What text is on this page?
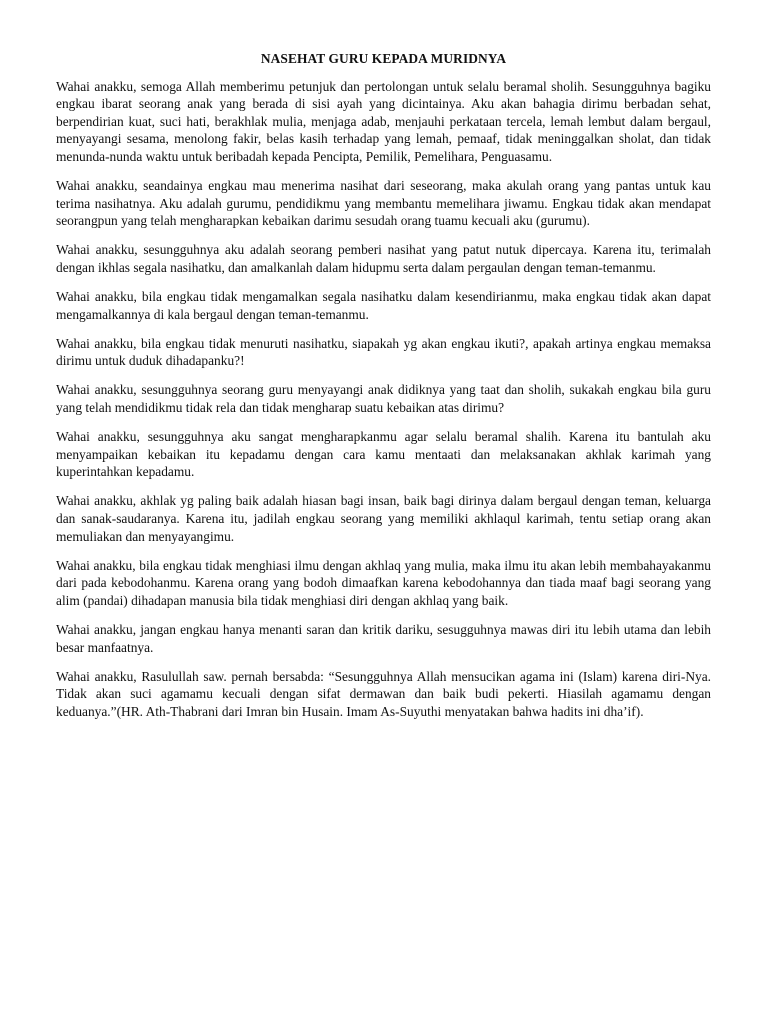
NASEHAT GURU KEPADA MURIDNYA

Wahai anakku, semoga Allah memberimu petunjuk dan pertolongan untuk selalu beramal sholih. Sesungguhnya bagiku engkau ibarat seorang anak yang berada di sisi ayah yang dicintainya. Aku akan bahagia dirimu berbadan sehat, berpendirian kuat, suci hati, berakhlak mulia, menjaga adab, menjauhi perkataan tercela, lemah lembut dalam bergaul, menyayangi sesama, menolong fakir, belas kasih terhadap yang lemah, pemaaf, tidak meninggalkan sholat, dan tidak menunda-nunda waktu untuk beribadah kepada Pencipta, Pemilik, Pemelihara, Penguasamu.

Wahai anakku, seandainya engkau mau menerima nasihat dari seseorang, maka akulah orang yang pantas untuk kau terima nasihatnya. Aku adalah gurumu, pendidikmu yang membantu memelihara jiwamu. Engkau tidak akan mendapat seorangpun yang telah mengharapkan kebaikan darimu sesudah orang tuamu kecuali aku (gurumu).

Wahai anakku, sesungguhnya aku adalah seorang pemberi nasihat yang patut nutuk dipercaya. Karena itu, terimalah dengan ikhlas segala nasihatku, dan amalkanlah dalam hidupmu serta dalam pergaulan dengan teman-temanmu.

Wahai anakku, bila engkau tidak mengamalkan segala nasihatku dalam kesendirianmu, maka engkau tidak akan dapat mengamalkannya di kala bergaul dengan teman-temanmu.

Wahai anakku, bila engkau tidak menuruti nasihatku, siapakah yg akan engkau ikuti?, apakah artinya engkau memaksa dirimu untuk duduk dihadapanku?!

Wahai anakku, sesungguhnya seorang guru menyayangi anak didiknya yang taat dan sholih, sukakah engkau bila guru yang telah mendidikmu tidak rela dan tidak mengharap suatu kebaikan atas dirimu?

Wahai anakku, sesungguhnya aku sangat mengharapkanmu agar selalu beramal shalih. Karena itu bantulah aku menyampaikan kebaikan itu kepadamu dengan cara kamu mentaati dan melaksanakan akhlak karimah yang kuperintahkan kepadamu.

Wahai anakku, akhlak yg paling baik adalah hiasan bagi insan, baik bagi dirinya dalam bergaul dengan teman, keluarga dan sanak-saudaranya. Karena itu, jadilah engkau seorang yang memiliki akhlaqul karimah, tentu setiap orang akan memuliakan dan menyayangimu.

Wahai anakku, bila engkau tidak menghiasi ilmu dengan akhlaq yang mulia, maka ilmu itu akan lebih membahayakanmu dari pada kebodohanmu. Karena orang yang bodoh dimaafkan karena kebodohannya dan tiada maaf bagi seorang yang alim (pandai) dihadapan manusia bila tidak menghiasi diri dengan akhlaq yang baik.

Wahai anakku, jangan engkau hanya menanti saran dan kritik dariku, sesugguhnya mawas diri itu lebih utama dan lebih besar manfaatnya.

Wahai anakku, Rasulullah saw. pernah bersabda: “Sesungguhnya Allah mensucikan agama ini (Islam) karena diri-Nya. Tidak akan suci agamamu kecuali dengan sifat dermawan dan baik budi pekerti. Hiasilah agamamu dengan keduanya.”(HR. Ath-Thabrani dari Imran bin Husain. Imam As-Suyuthi menyatakan bahwa hadits ini dha’if).
